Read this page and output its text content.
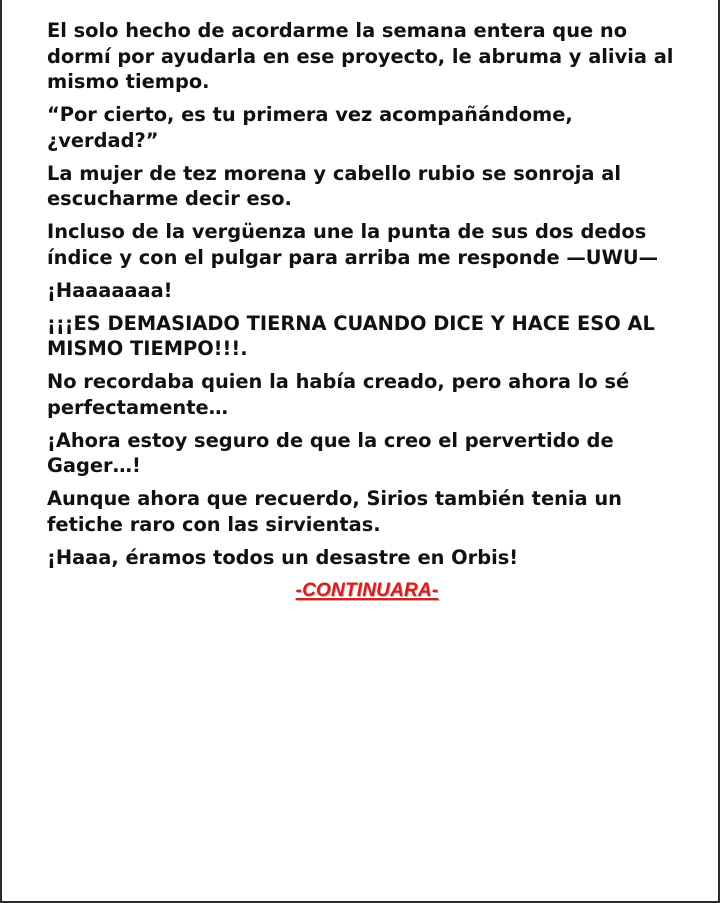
El solo hecho de acordarme la semana entera que no dormí por ayudarla en ese proyecto, le abruma y alivia al mismo tiempo.

“Por cierto, es tu primera vez acompañándome, ¿verdad?”

La mujer de tez morena y cabello rubio se sonroja al escucharme decir eso.

Incluso de la vergüenza une la punta de sus dos dedos índice y con el pulgar para arriba me responde —UWU—

¡Haaaaaaa!

¡¡¡ES DEMASIADO TIERNA CUANDO DICE Y HACE ESO AL MISMO TIEMPO!!!.

No recordaba quien la había creado, pero ahora lo sé perfectamente…

¡Ahora estoy seguro de que la creo el pervertido de Gager…!

Aunque ahora que recuerdo, Sirios también tenia un fetiche raro con las sirvientas.

¡Haaa, éramos todos un desastre en Orbis!

-CONTINUARA-
